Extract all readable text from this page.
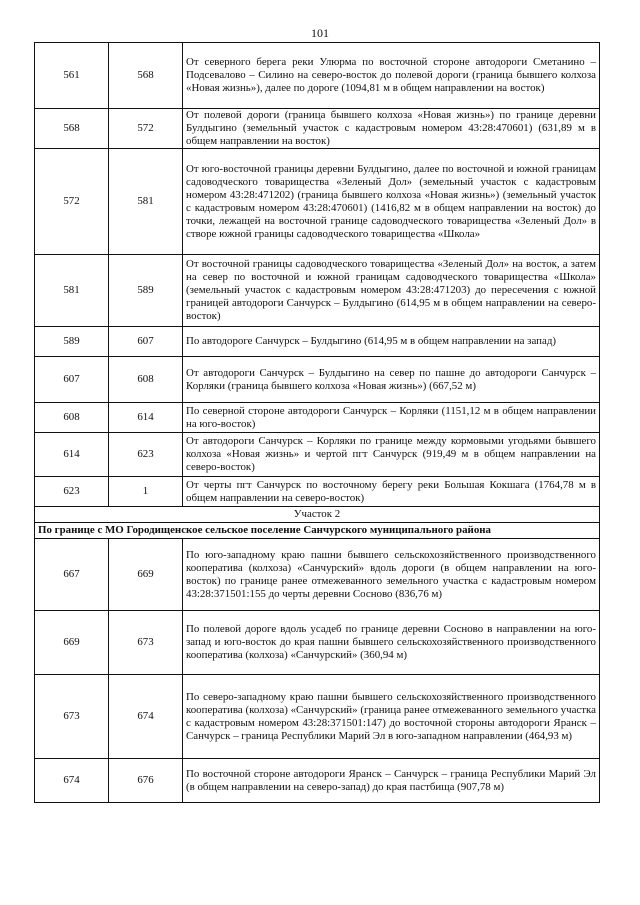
101
561	568	От северного берега реки Улюрма по восточной стороне автодороги Сметанино – Подсевалово – Силино на северо-восток до полевой дороги (граница бывшего колхоза «Новая жизнь»), далее по дороге (1094,81 м в общем направлении на восток)
568	572	От полевой дороги (граница бывшего колхоза «Новая жизнь») по границе деревни Булдыгино (земельный участок с кадастровым номером 43:28:470601) (631,89 м в общем направлении на восток)
572	581	От юго-восточной границы деревни Булдыгино, далее по восточной и южной границам садоводческого товарищества «Зеленый Дол» (земельный участок с кадастровым номером 43:28:471202) (граница бывшего колхоза «Новая жизнь») (земельный участок с кадастровым номером 43:28:470601) (1416,82 м в общем направлении на восток) до точки, лежащей на восточной границе садоводческого товарищества «Зеленый Дол» в створе южной границы садоводческого товарищества «Школа»
581	589	От восточной границы садоводческого товарищества «Зеленый Дол» на восток, а затем на север по восточной и южной границам садоводческого товарищества «Школа» (земельный участок с кадастровым номером 43:28:471203) до пересечения с южной границей автодороги Санчурск – Булдыгино (614,95 м в общем направлении на северо-восток)
589	607	По автодороге Санчурск – Булдыгино (614,95 м в общем направлении на запад)
607	608	От автодороги Санчурск – Булдыгино на север по пашне до автодороги Санчурск – Корляки (граница бывшего колхоза «Новая жизнь») (667,52 м)
608	614	По северной стороне автодороги Санчурск – Корляки (1151,12 м в общем направлении на юго-восток)
614	623	От автодороги Санчурск – Корляки по границе между кормовыми угодьями бывшего колхоза «Новая жизнь» и чертой пгт Санчурск (919,49 м в общем направлении на северо-восток)
623	1	От черты пгт Санчурск по восточному берегу реки Большая Кокшага (1764,78 м в общем направлении на северо-восток)
Участок 2		
По границе с МО Городищенское сельское поселение Санчурского муниципального района		
667	669	По юго-западному краю пашни бывшего сельскохозяйственного производственного кооператива (колхоза) «Санчурский» вдоль дороги (в общем направлении на юго-восток) по границе ранее отмежеванного земельного участка с кадастровым номером 43:28:371501:155 до черты деревни Сосново (836,76 м)
669	673	По полевой дороге вдоль усадеб по границе деревни Сосново в направлении на юго-запад и юго-восток до края пашни бывшего сельскохозяйственного производственного кооператива (колхоза) «Санчурский» (360,94 м)
673	674	По северо-западному краю пашни бывшего сельскохозяйственного производственного кооператива (колхоза) «Санчурский» (граница ранее отмежеванного земельного участка с кадастровым номером 43:28:371501:147) до восточной стороны автодороги Яранск – Санчурск – граница Республики Марий Эл в юго-западном направлении (464,93 м)
674	676	По восточной стороне автодороги Яранск – Санчурск – граница Республики Марий Эл (в общем направлении на северо-запад) до края пастбища (907,78 м)
